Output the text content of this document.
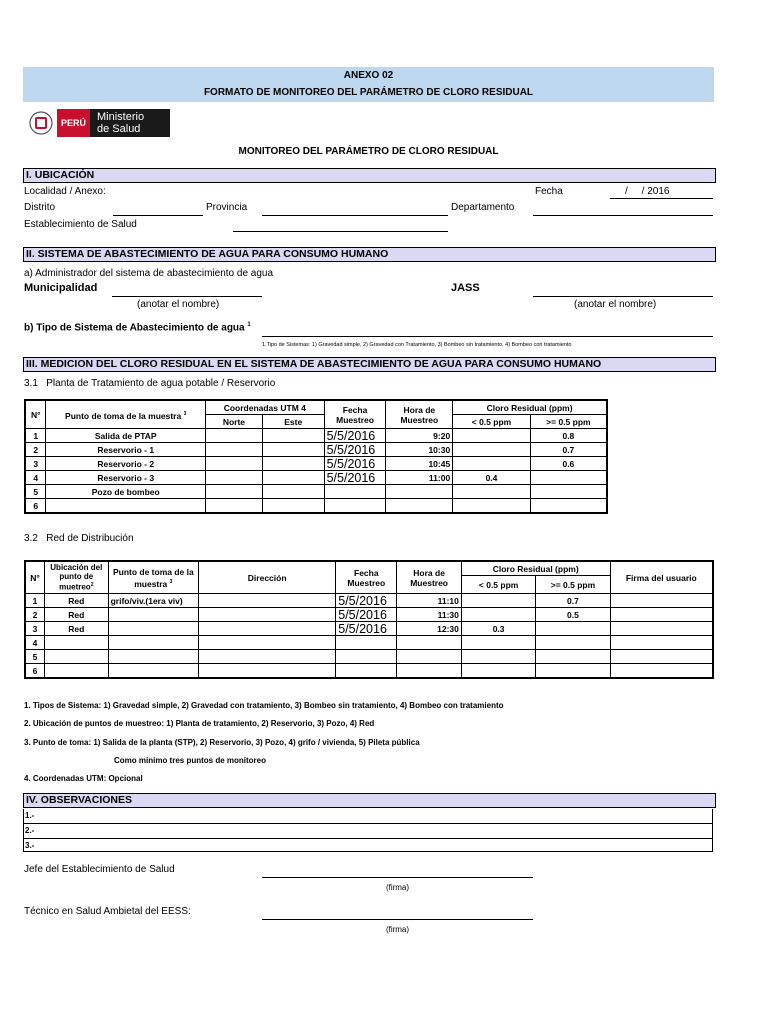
ANEXO 02
FORMATO DE MONITOREO DEL PARÁMETRO DE CLORO RESIDUAL
PERÚ Ministerio
de Salud
MONITOREO DEL PARÁMETRO DE CLORO RESIDUAL
I. UBICACIÓN
Localidad / Anexo:	Fecha	/     / 2016
Distrito	Provincia	Departamento
Establecimiento de Salud
II. SISTEMA DE ABASTECIMIENTO DE AGUA PARA CONSUMO HUMANO
a) Administrador del sistema de abastecimiento de agua
Municipalidad	JASS
(anotar el nombre)	(anotar el nombre)
b) Tipo de Sistema de Abastecimiento de agua $^1$
1.Tipo de Sistemas: 1) Gravedad simple, 2) Gravedad con Tratamiento, 3) Bombeo sin tratamiento, 4) Bombeo con tratamiento
III. MEDICION DEL CLORO RESIDUAL EN EL SISTEMA DE ABASTECIMIENTO DE AGUA PARA CONSUMO HUMANO
3.1   Planta de Tratamiento de agua potable / Reservorio
N°	Punto de toma de la muestra $^3$	Coordenadas UTM 4		Fecha Muestreo	Hora de Muestreo	Cloro Residual (ppm)	
		Norte	Este			< 0.5 ppm	>= 0.5 ppm
1	Salida de PTAP			5/5/2016	9:20		0.8
2	Reservorio - 1			5/5/2016	10:30		0.7
3	Reservorio - 2			5/5/2016	10:45		0.6
4	Reservorio - 3			5/5/2016	11:00	0.4	
5	Pozo de bombeo						
6							
3.2   Red de Distribución
N°	Ubicación del punto de muetreo$^2$	Punto de toma de la muestra $^3$	Dirección	Fecha Muestreo	Hora de Muestreo	Cloro Residual (ppm)		Firma del usuario
						< 0.5 ppm	>= 0.5 ppm	
1	Red	grifo/viv.(1era viv)		5/5/2016	11:10		0.7	
2	Red			5/5/2016	11:30		0.5	
3	Red			5/5/2016	12:30	0.3		
4								
5								
6								
1. Tipos de Sistema: 1) Gravedad simple, 2) Gravedad con tratamiento, 3) Bombeo sin tratamiento, 4) Bombeo con tratamiento
2. Ubicación de puntos de muestreo: 1) Planta de tratamiento, 2) Reservorio, 3) Pozo, 4) Red
3. Punto de toma: 1) Salida de la planta (STP), 2) Reservorio, 3) Pozo, 4) grifo / vivienda, 5) Pileta pública
Como mínimo tres puntos de monitoreo
4. Coordenadas UTM: Opcional
IV. OBSERVACIONES
1.-
2.-
3.-
Jefe del Establecimiento de Salud
(firma)
Técnico en Salud Ambietal del EESS:
(firma)
